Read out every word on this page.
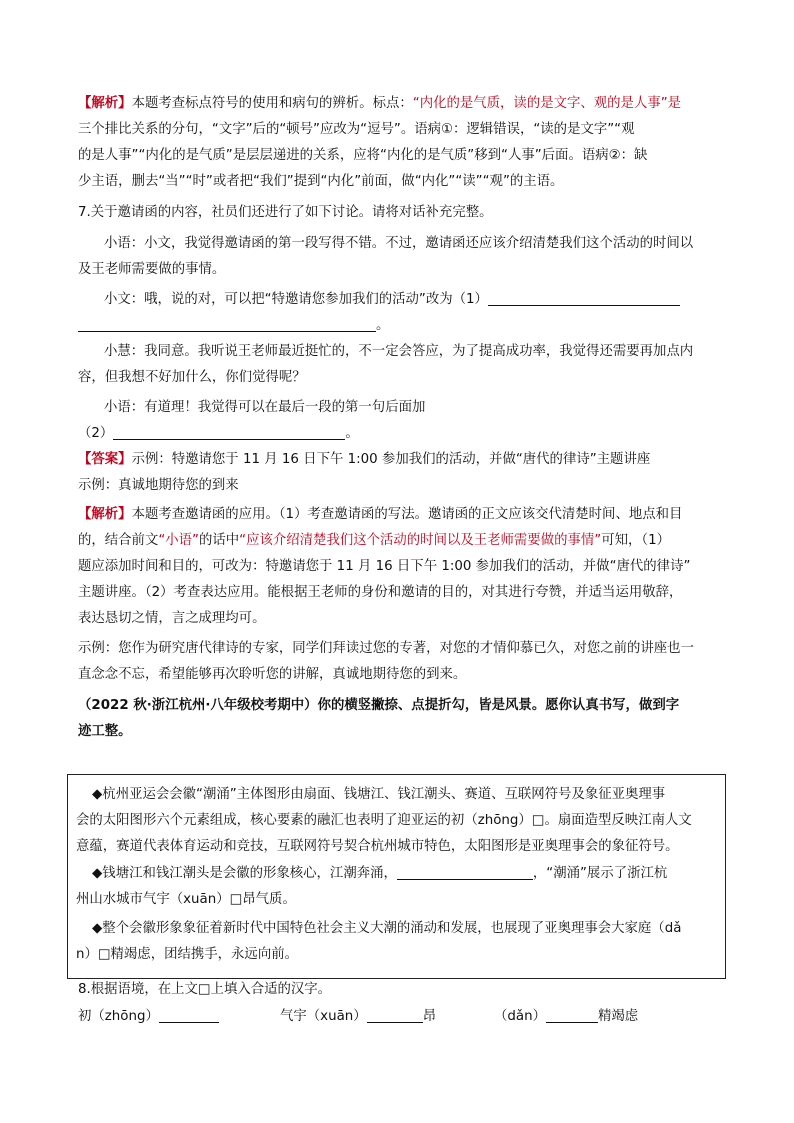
【解析】本题考查标点符号的使用和病句的辨析。标点：“内化的是气质，读的是文字、观的是人事”是
三个排比关系的分句，“文字”后的“顿号”应改为“逗号”。语病①：逻辑错误，“读的是文字”“观
的是人事”“内化的是气质”是层层递进的关系，应将“内化的是气质”移到“人事”后面。语病②：缺
少主语，删去“当”“时”或者把“我们”提到“内化”前面，做“内化”“读”“观”的主语。
7.关于邀请函的内容，社员们还进行了如下讨论。请将对话补充完整。
小语：小文，我觉得邀请函的第一段写得不错。不过，邀请函还应该介绍清楚我们这个活动的时间以
及王老师需要做的事情。
小文：哦，说的对，可以把“特邀请您参加我们的活动”改为（1）
。
小慧：我同意。我听说王老师最近挺忙的，不一定会答应，为了提高成功率，我觉得还需要再加点内
容，但我想不好加什么，你们觉得呢？
小语：有道理！我觉得可以在最后一段的第一句后面加
（2）	。
【答案】示例：特邀请您于 11 月 16 日下午 1:00 参加我们的活动，并做“唐代的律诗”主题讲座
示例：真诚地期待您的到来
【解析】本题考查邀请函的应用。（1）考查邀请函的写法。邀请函的正文应该交代清楚时间、地点和目
的，结合前文“小语”的话中“应该介绍清楚我们这个活动的时间以及王老师需要做的事情”可知，（1）
题应添加时间和目的，可改为：特邀请您于 11 月 16 日下午 1:00 参加我们的活动，并做“唐代的律诗”
主题讲座。（2）考查表达应用。能根据王老师的身份和邀请的目的，对其进行夸赞，并适当运用敬辞，
表达恳切之情，言之成理均可。
示例：您作为研究唐代律诗的专家，同学们拜读过您的专著，对您的才情仰慕已久，对您之前的讲座也一
直念念不忘，希望能够再次聆听您的讲解，真诚地期待您的到来。
（2022 秋·浙江杭州·八年级校考期中）你的横竖撇捺、点提折勾，皆是风景。愿你认真书写，做到字
迹工整。
◆杭州亚运会会徽“潮涌”主体图形由扇面、钱塘江、钱江潮头、赛道、互联网符号及象征亚奥理事
会的太阳图形六个元素组成，核心要素的融汇也表明了迎亚运的初（zhōng）□。扇面造型反映江南人文
意蕴，赛道代表体育运动和竞技，互联网符号契合杭州城市特色，太阳图形是亚奥理事会的象征符号。
◆钱塘江和钱江潮头是会徽的形象核心，江潮奔涌，	，“潮涌”展示了浙江杭
州山水城市气宇（xuān）□昂气质。
◆整个会徽形象象征着新时代中国特色社会主义大潮的涌动和发展，也展现了亚奥理事会大家庭（dǎ
n）□精竭虑，团结携手，永远向前。
8.根据语境，在上文□上填入合适的汉字。
初（zhōng）	气宇（xuān）	昂	（dǎn）	精竭虑
